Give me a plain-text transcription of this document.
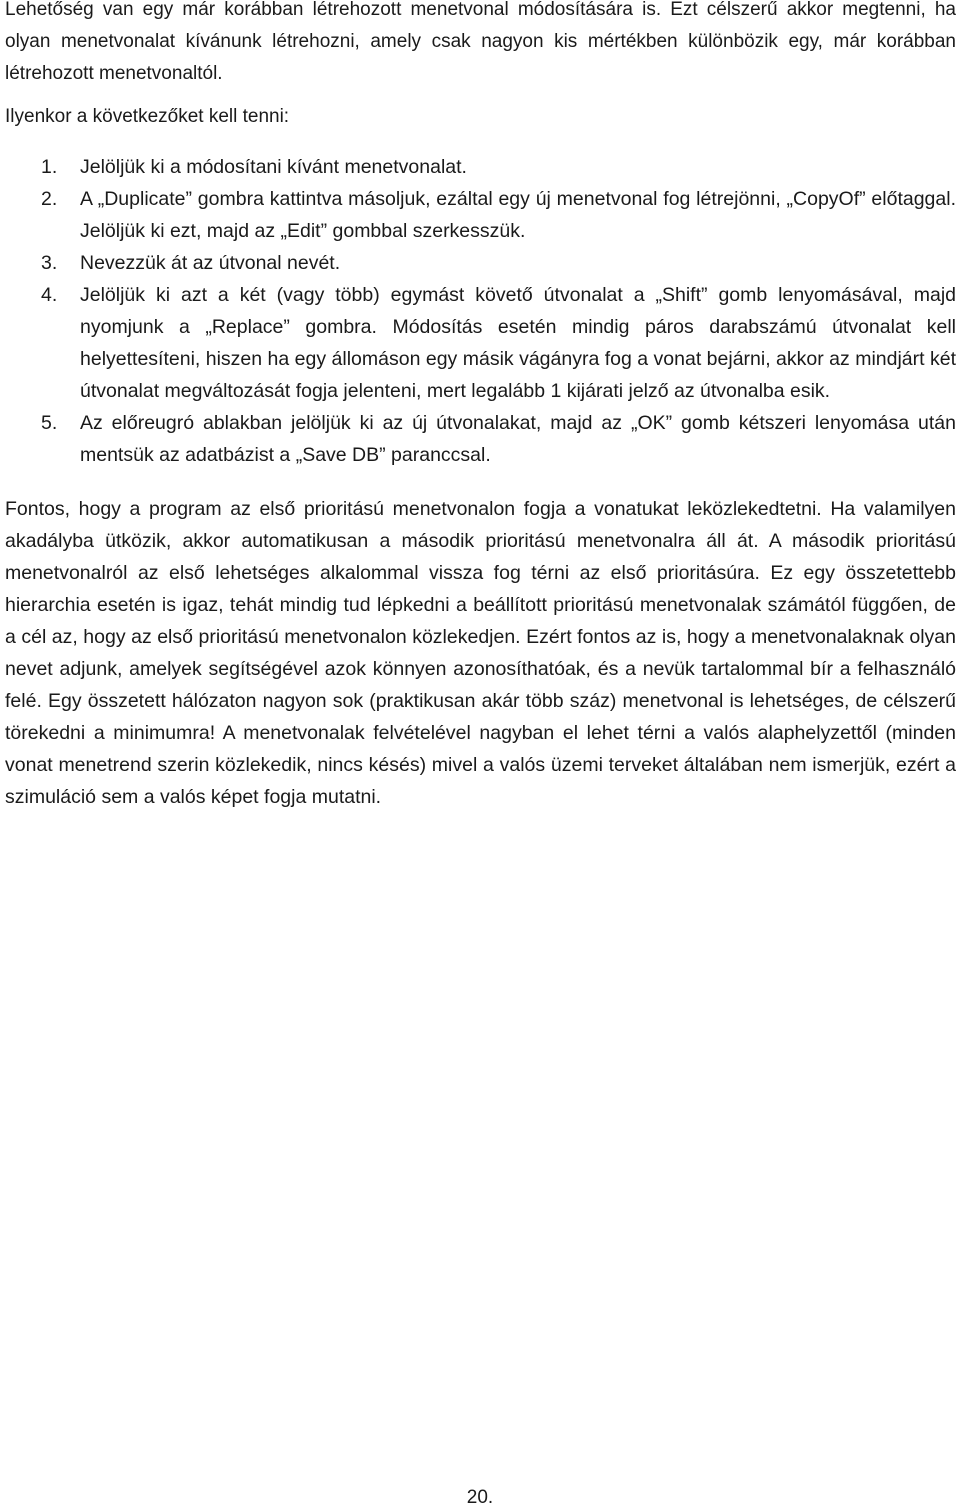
Lehetőség van egy már korábban létrehozott menetvonal módosítására is. Ezt célszerű akkor megtenni, ha olyan menetvonalat kívánunk létrehozni, amely csak nagyon kis mértékben különbözik egy, már korábban létrehozott menetvonaltól.

Ilyenkor a következőket kell tenni:

1. Jelöljük ki a módosítani kívánt menetvonalat.
2. A „Duplicate” gombra kattintva másoljuk, ezáltal egy új menetvonal fog létrejönni, „CopyOf” előtaggal. Jelöljük ki ezt, majd az „Edit” gombbal szerkesszük.
3. Nevezzük át az útvonal nevét.
4. Jelöljük ki azt a két (vagy több) egymást követő útvonalat a „Shift” gomb lenyomásával, majd nyomjunk a „Replace” gombra. Módosítás esetén mindig páros darabszámú útvonalat kell helyettesíteni, hiszen ha egy állomáson egy másik vágányra fog a vonat bejárni, akkor az mindjárt két útvonalat megváltozását fogja jelenteni, mert legalább 1 kijárati jelző az útvonalba esik.
5. Az előreugró ablakban jelöljük ki az új útvonalakat, majd az „OK” gomb kétszeri lenyomása után mentsük az adatbázist a „Save DB” paranccsal.

Fontos, hogy a program az első prioritású menetvonalon fogja a vonatukat leközlekedtetni. Ha valamilyen akadályba ütközik, akkor automatikusan a második prioritású menetvonalra áll át. A második prioritású menetvonalról az első lehetséges alkalommal vissza fog térni az első prioritásúra. Ez egy összetettebb hierarchia esetén is igaz, tehát mindig tud lépkedni a beállított prioritású menetvonalak számától függően, de a cél az, hogy az első prioritású menetvonalon közlekedjen. Ezért fontos az is, hogy a menetvonalaknak olyan nevet adjunk, amelyek segítségével azok könnyen azonosíthatóak, és a nevük tartalommal bír a felhasználó felé. Egy összetett hálózaton nagyon sok (praktikusan akár több száz) menetvonal is lehetséges, de célszerű törekedni a minimumra! A menetvonalak felvételével nagyban el lehet térni a valós alaphelyzettől (minden vonat menetrend szerin közlekedik, nincs késés) mivel a valós üzemi terveket általában nem ismerjük, ezért a szimuláció sem a valós képet fogja mutatni.

20.
